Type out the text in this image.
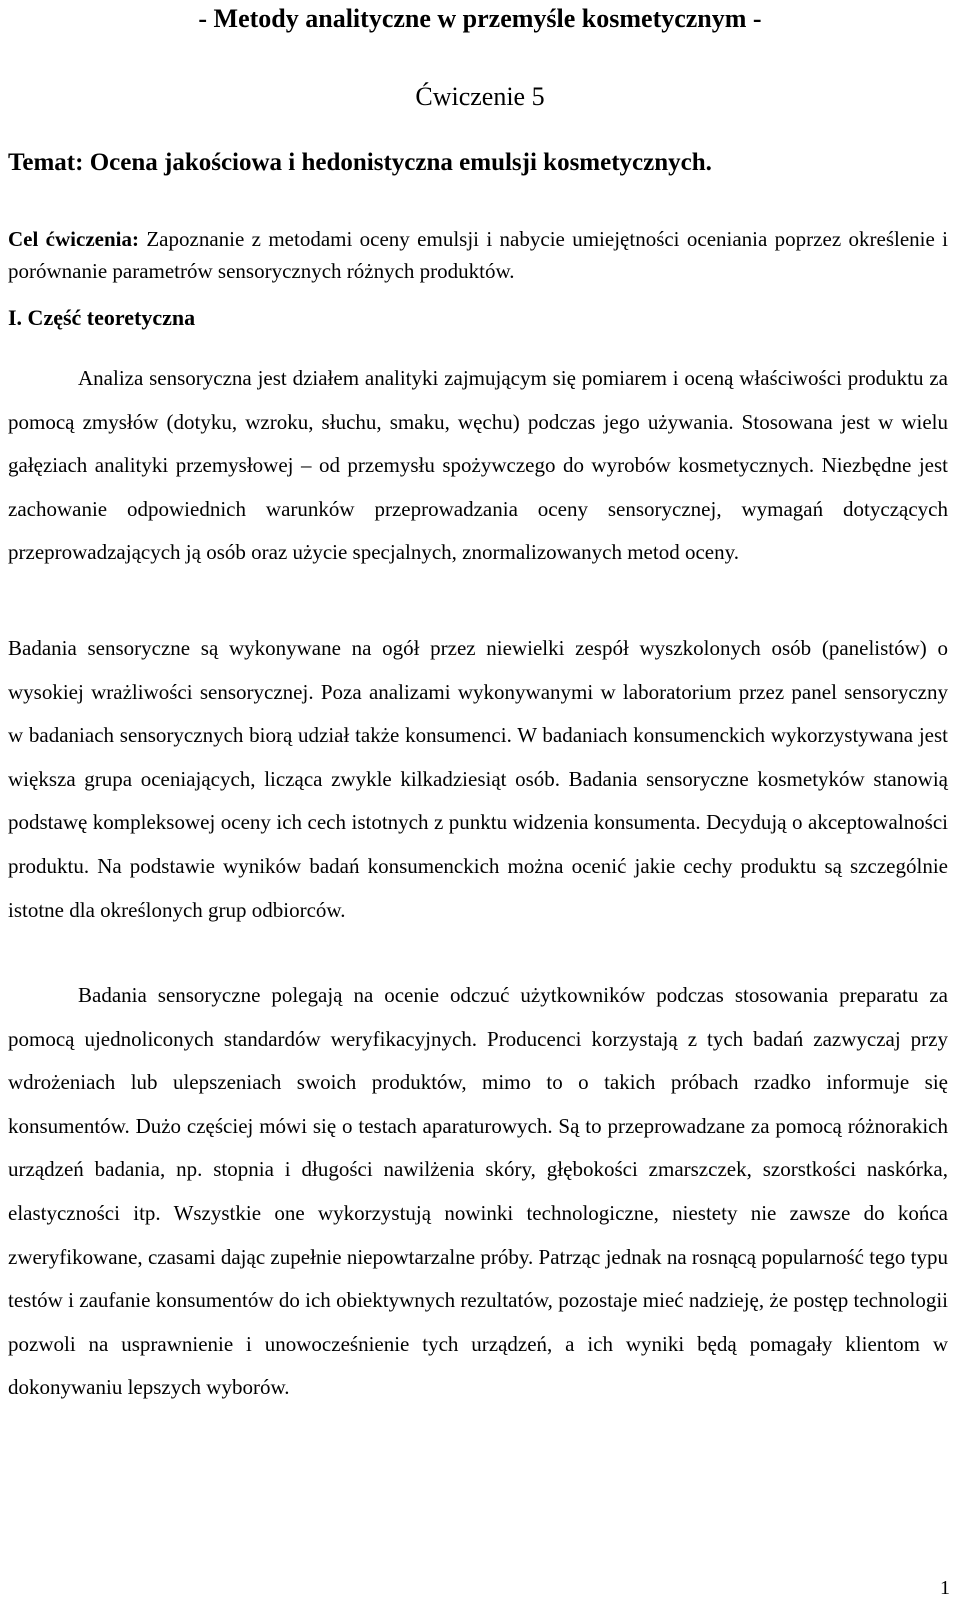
- Metody analityczne w przemyśle kosmetycznym -
Ćwiczenie 5
Temat: Ocena jakościowa i hedonistyczna emulsji kosmetycznych.
Cel ćwiczenia: Zapoznanie z metodami oceny emulsji i nabycie umiejętności oceniania poprzez określenie i porównanie parametrów sensorycznych różnych produktów.
I. Część teoretyczna

Analiza sensoryczna jest działem analityki zajmującym się pomiarem i oceną właściwości produktu za pomocą zmysłów (dotyku, wzroku, słuchu, smaku, węchu) podczas jego używania. Stosowana jest w wielu gałęziach analityki przemysłowej – od przemysłu spożywczego do wyrobów kosmetycznych. Niezbędne jest zachowanie odpowiednich warunków przeprowadzania oceny sensorycznej, wymagań dotyczących przeprowadzających ją osób oraz użycie specjalnych, znormalizowanych metod oceny.

Badania sensoryczne są wykonywane na ogół przez niewielki zespół wyszkolonych osób (panelistów) o wysokiej wrażliwości sensorycznej. Poza analizami wykonywanymi w laboratorium przez panel sensoryczny w badaniach sensorycznych biorą udział także konsumenci. W badaniach konsumenckich wykorzystywana jest większa grupa oceniających, licząca zwykle kilkadziesiąt osób. Badania sensoryczne kosmetyków stanowią podstawę kompleksowej oceny ich cech istotnych z punktu widzenia konsumenta. Decydują o akceptowalności produktu. Na podstawie wyników badań konsumenckich można ocenić jakie cechy produktu są szczególnie istotne dla określonych grup odbiorców.

Badania sensoryczne polegają na ocenie odczuć użytkowników podczas stosowania preparatu za pomocą ujednoliconych standardów weryfikacyjnych. Producenci korzystają z tych badań zazwyczaj przy wdrożeniach lub ulepszeniach swoich produktów, mimo to o takich próbach rzadko informuje się konsumentów. Dużo częściej mówi się o testach aparaturowych. Są to przeprowadzane za pomocą różnorakich urządzeń badania, np. stopnia i długości nawilżenia skóry, głębokości zmarszczek, szorstkości naskórka, elastyczności itp. Wszystkie one wykorzystują nowinki technologiczne, niestety nie zawsze do końca zweryfikowane, czasami dając zupełnie niepowtarzalne próby. Patrząc jednak na rosnącą popularność tego typu testów i zaufanie konsumentów do ich obiektywnych rezultatów, pozostaje mieć nadzieję, że postęp technologii pozwoli na usprawnienie i unowocześnienie tych urządzeń, a ich wyniki będą pomagały klientom w dokonywaniu lepszych wyborów.

1
